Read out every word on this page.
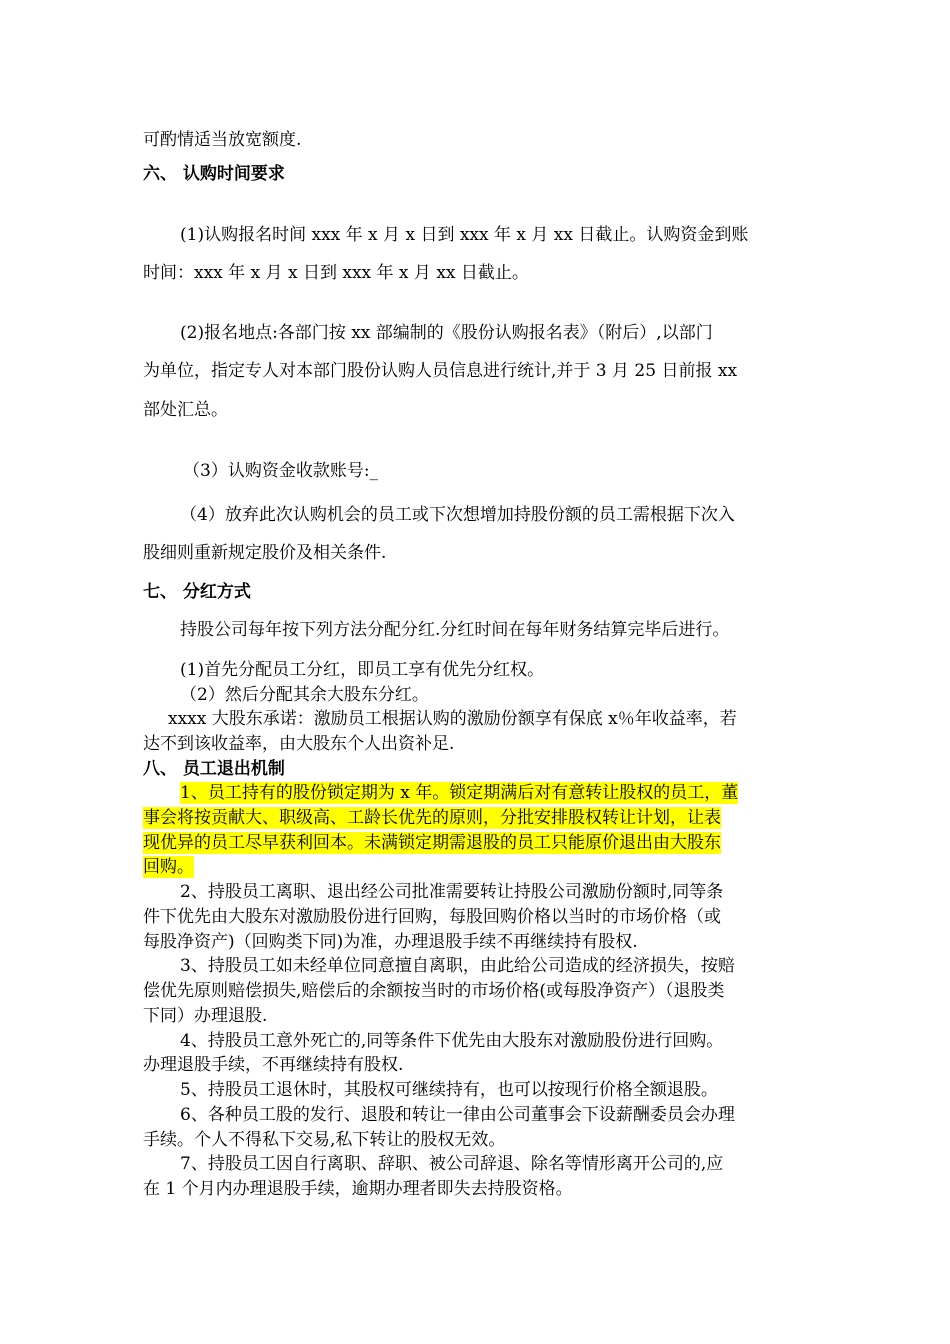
可酌情适当放宽额度.

六、 认购时间要求

(1)认购报名时间 xxx 年 x 月 x 日到 xxx 年 x 月 xx 日截止。认购资金到账

时间：xxx 年 x 月 x 日到 xxx 年 x 月 xx 日截止。

(2)报名地点:各部门按 xx 部编制的《股份认购报名表》（附后）,以部门

为单位，指定专人对本部门股份认购人员信息进行统计,并于 3 月 25 日前报 xx

部处汇总。

（3）认购资金收款账号:_

（4）放弃此次认购机会的员工或下次想增加持股份额的员工需根据下次入

股细则重新规定股价及相关条件.

七、 分红方式

持股公司每年按下列方法分配分红.分红时间在每年财务结算完毕后进行。

(1)首先分配员工分红，即员工享有优先分红权。

（2）然后分配其余大股东分红。

xxxx 大股东承诺：激励员工根据认购的激励份额享有保底 x％年收益率，若

达不到该收益率，由大股东个人出资补足.

八、 员工退出机制

1、员工持有的股份锁定期为 x 年。锁定期满后对有意转让股权的员工，董

事会将按贡献大、职级高、工龄长优先的原则，分批安排股权转让计划，让表

现优异的员工尽早获利回本。未满锁定期需退股的员工只能原价退出由大股东

回购。

2、持股员工离职、退出经公司批准需要转让持股公司激励份额时,同等条

件下优先由大股东对激励股份进行回购，每股回购价格以当时的市场价格（或

每股净资产)（回购类下同)为准，办理退股手续不再继续持有股权.

3、持股员工如未经单位同意擅自离职，由此给公司造成的经济损失，按赔

偿优先原则赔偿损失,赔偿后的余额按当时的市场价格(或每股净资产）（退股类

下同）办理退股.

4、持股员工意外死亡的,同等条件下优先由大股东对激励股份进行回购。

办理退股手续，不再继续持有股权.

5、持股员工退休时，其股权可继续持有，也可以按现行价格全额退股。

6、各种员工股的发行、退股和转让一律由公司董事会下设薪酬委员会办理

手续。个人不得私下交易,私下转让的股权无效。

7、持股员工因自行离职、辞职、被公司辞退、除名等情形离开公司的,应

在 1 个月内办理退股手续，逾期办理者即失去持股资格。
